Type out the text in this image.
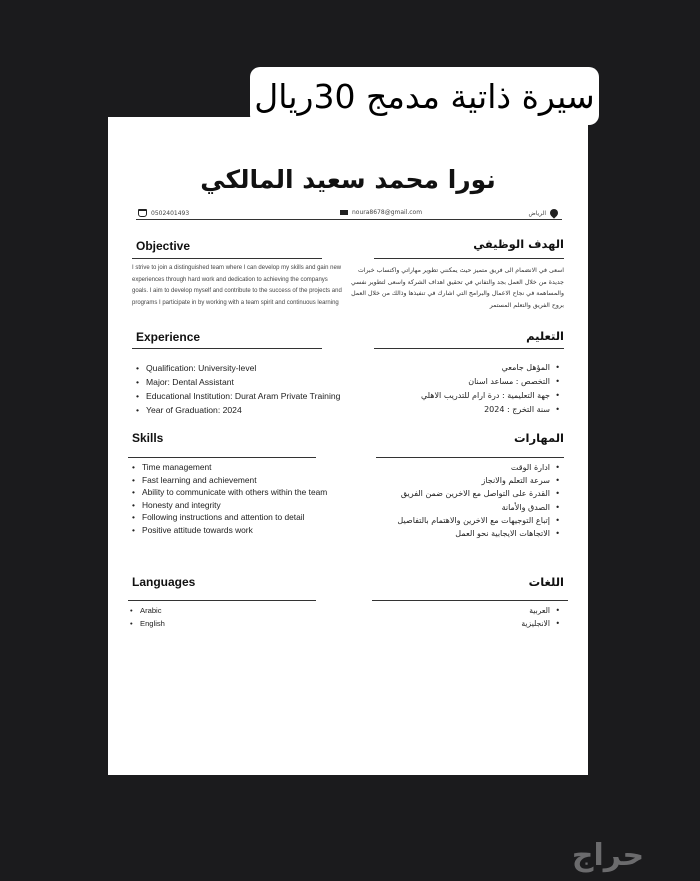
سيرة ذاتية مدمج 30ريال
نورا محمد سعيد المالكي
0502401493	noura8678@gmail.com	الرياض
Objective

I strive to join a distinguished team where I can develop my skills and gain new experiences through hard work and dedication to achieving the companys goals. I aim to develop myself and contribute to the success of the projects and programs I participate in by working with a team spirit and continuous learning

الهدف الوظيفي

اسعى في الانضمام الى فريق متميز حيث يمكنني تطوير مهاراتي واكتساب خبرات جديدة من خلال العمل بجد والتفاني في تحقيق اهداف الشركة واسعى لتطوير نفسي والمساهمة في نجاح الاعمال والبرامج التي اشارك في تنفيذها وذالك من خلال العمل بروح الفريق والتعلم المستمر

Experience
• Qualification: University-level
• Major: Dental Assistant
• Educational Institution: Durat Aram Private Training
• Year of Graduation: 2024
التعليم
• المؤهل جامعي
• التخصص : مساعد اسنان
• جهة التعليمية : درة ارام للتدريب الاهلي
• سنة التخرج : 2024
Skills
• Time management
• Fast learning and achievement
• Ability to communicate with others within the team
• Honesty and integrity
• Following instructions and attention to detail
• Positive attitude towards work
المهارات
• ادارة الوقت
• سرعة التعلم والانجاز
• القدرة على التواصل مع الاخرين ضمن الفريق
• الصدق والأمانة
• إتباع التوجيهات مع الاخرين والاهتمام بالتفاصيل
• الاتجاهات الايجابية نحو العمل
Languages
• Arabic
• English
اللغات
• العربية
• الانجليزية
حراج
